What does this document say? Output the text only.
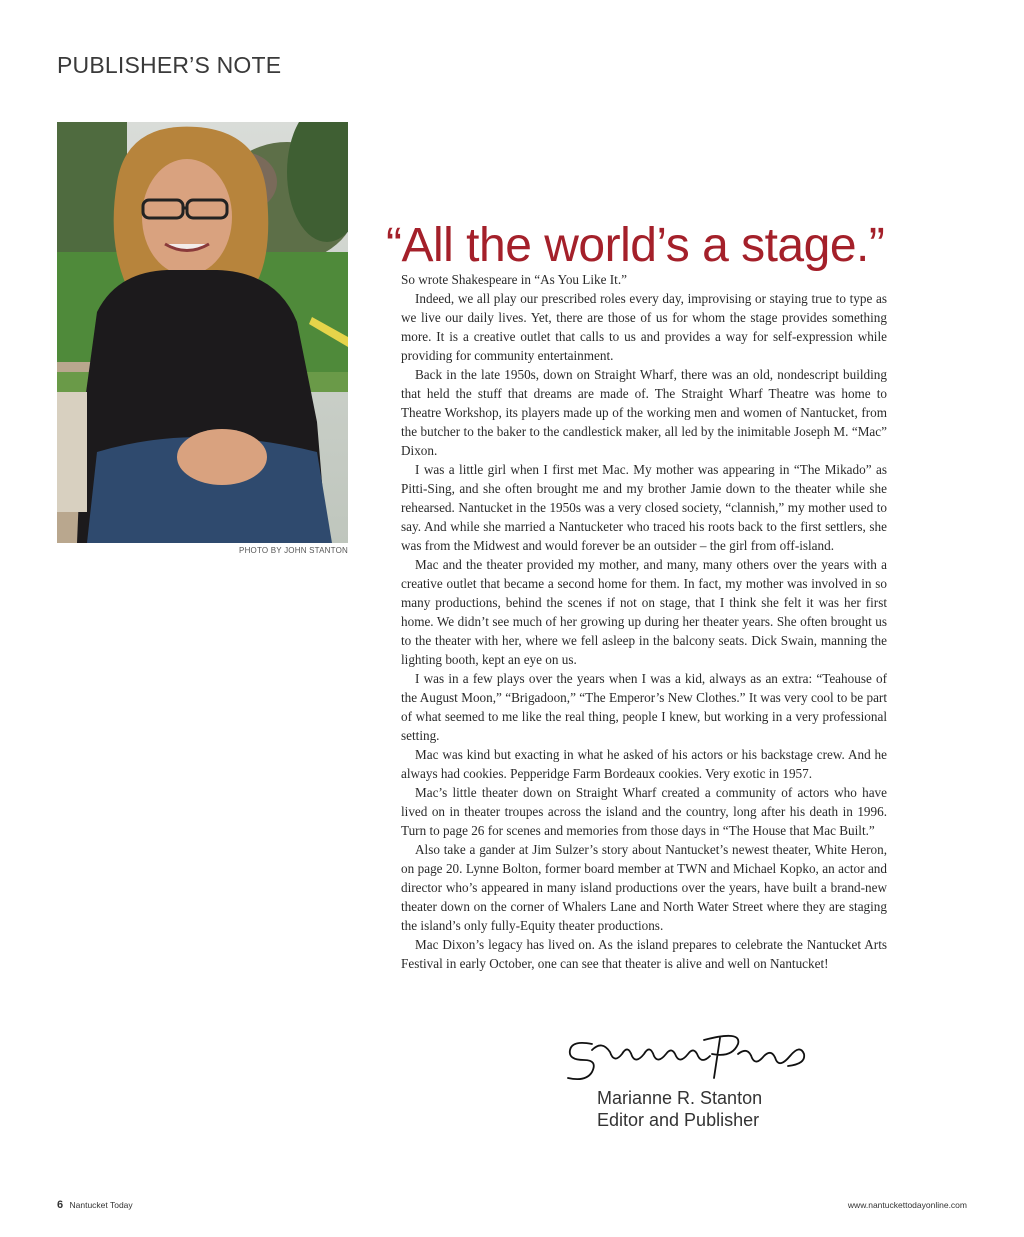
PUBLISHER’S NOTE
PHOTO BY JOHN STANTON
“All the world’s a stage.”

So wrote Shakespeare in “As You Like It.”

Indeed, we all play our prescribed roles every day, improvising or staying true to type as we live our daily lives. Yet, there are those of us for whom the stage provides something more. It is a creative outlet that calls to us and provides a way for self-expression while providing for community entertainment.

Back in the late 1950s, down on Straight Wharf, there was an old, nondescript building that held the stuff that dreams are made of. The Straight Wharf Theatre was home to Theatre Workshop, its players made up of the working men and women of Nantucket, from the butcher to the baker to the candlestick maker, all led by the inimitable Joseph M. “Mac” Dixon.

I was a little girl when I first met Mac. My mother was appearing in “The Mikado” as Pitti-Sing, and she often brought me and my brother Jamie down to the theater while she rehearsed. Nantucket in the 1950s was a very closed society, “clannish,” my mother used to say. And while she married a Nantucketer who traced his roots back to the first settlers, she was from the Midwest and would forever be an outsider – the girl from off-island.

Mac and the theater provided my mother, and many, many others over the years with a creative outlet that became a second home for them. In fact, my mother was involved in so many productions, behind the scenes if not on stage, that I think she felt it was her first home. We didn’t see much of her growing up during her theater years. She often brought us to the theater with her, where we fell asleep in the balcony seats. Dick Swain, manning the lighting booth, kept an eye on us.

I was in a few plays over the years when I was a kid, always as an extra: “Teahouse of the August Moon,” “Brigadoon,” “The Emperor’s New Clothes.” It was very cool to be part of what seemed to me like the real thing, people I knew, but working in a very professional setting.

Mac was kind but exacting in what he asked of his actors or his backstage crew. And he always had cookies. Pepperidge Farm Bordeaux cookies. Very exotic in 1957.

Mac’s little theater down on Straight Wharf created a community of actors who have lived on in theater troupes across the island and the country, long after his death in 1996. Turn to page 26 for scenes and memories from those days in “The House that Mac Built.”

Also take a gander at Jim Sulzer’s story about Nantucket’s newest theater, White Heron, on page 20. Lynne Bolton, former board member at TWN and Michael Kopko, an actor and director who’s appeared in many island productions over the years, have built a brand-new theater down on the corner of Whalers Lane and North Water Street where they are staging the island’s only fully-Equity theater productions.

Mac Dixon’s legacy has lived on. As the island prepares to celebrate the Nantucket Arts Festival in early October, one can see that theater is alive and well on Nantucket!

Marianne R. Stanton
Editor and Publisher
6 Nantucket Today	www.nantuckettodayonline.com
